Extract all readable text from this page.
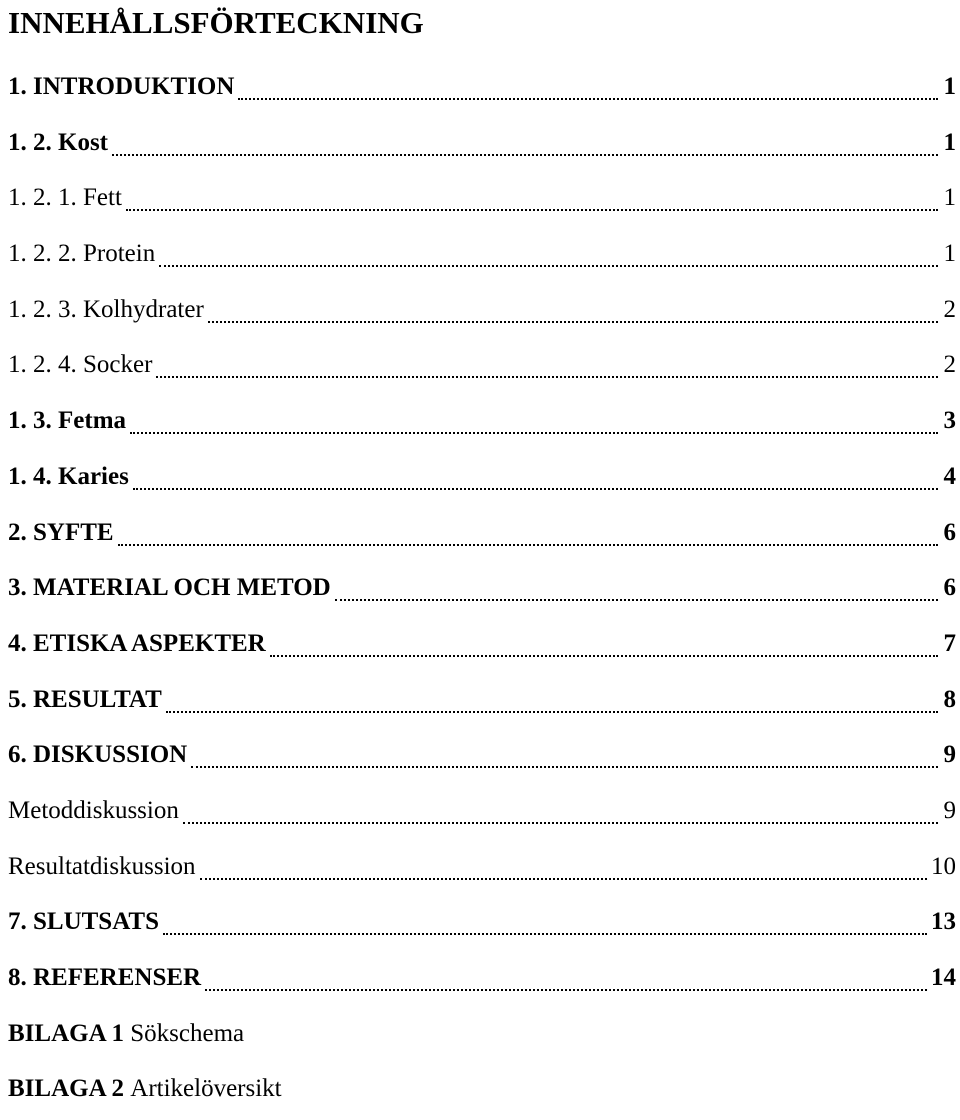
INNEHÅLLSFÖRTECKNING
1. INTRODUKTION	1
1. 2. Kost	1
1. 2. 1. Fett	1
1. 2. 2. Protein	1
1. 2. 3. Kolhydrater	2
1. 2. 4. Socker	2
1. 3. Fetma	3
1. 4. Karies	4
2. SYFTE	6
3. MATERIAL OCH METOD	6
4. ETISKA ASPEKTER	7
5. RESULTAT	8
6. DISKUSSION	9
Metoddiskussion	9
Resultatdiskussion	10
7. SLUTSATS	13
8. REFERENSER	14
BILAGA 1
Sökschema
BILAGA 2
Artikelöversikt
